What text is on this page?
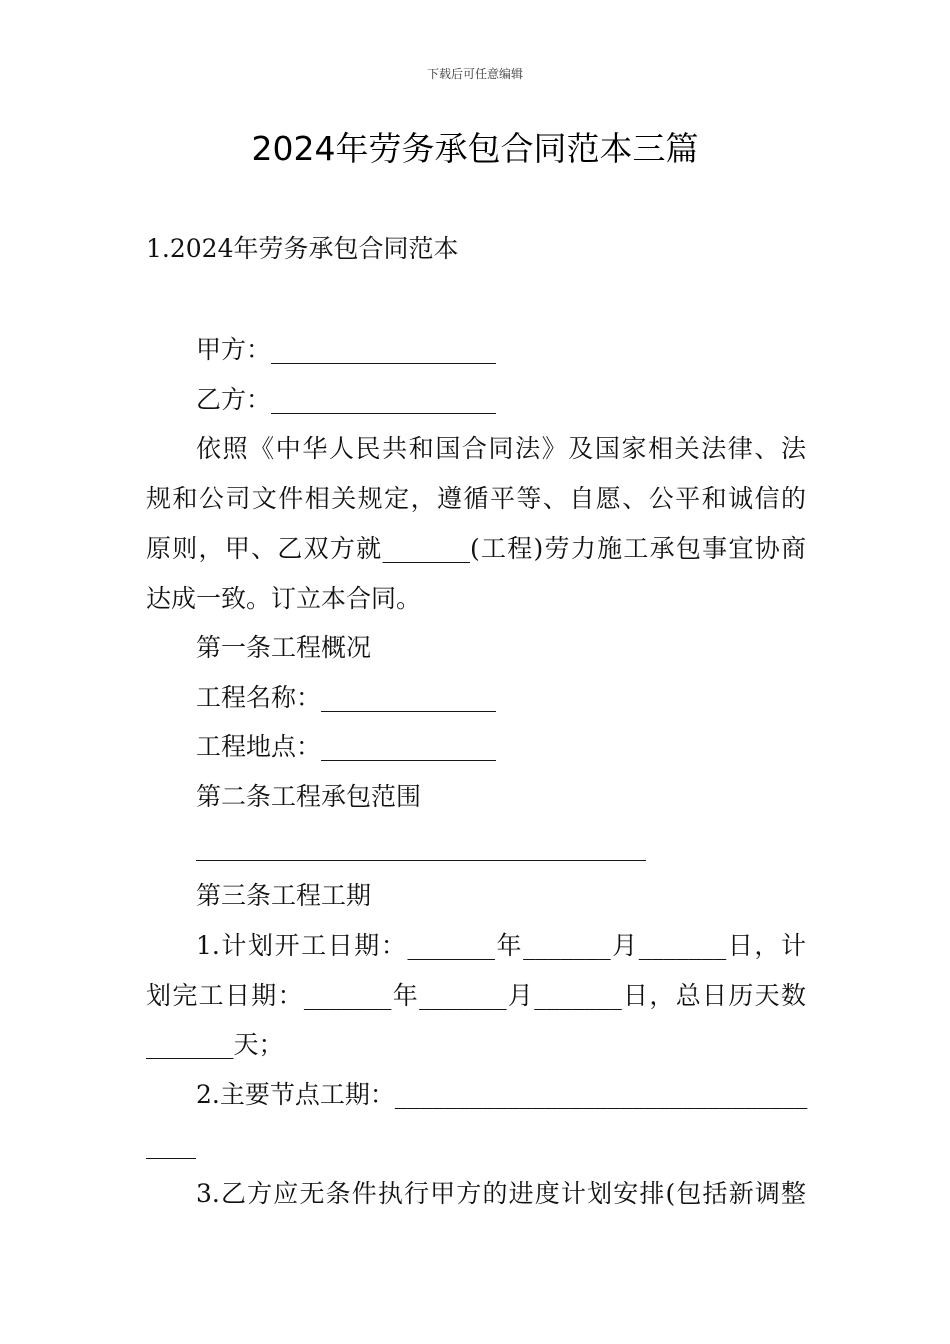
下载后可任意编辑
2024年劳务承包合同范本三篇
1.2024年劳务承包合同范本
甲方：__________________
乙方：__________________
依照《中华人民共和国合同法》及国家相关法律、法
规和公司文件相关规定，遵循平等、自愿、公平和诚信的
原则，甲、乙双方就_______(工程)劳力施工承包事宜协商
达成一致。订立本合同。
第一条工程概况
工程名称：______________
工程地点：______________
第二条工程承包范围
____________________________________
第三条工程工期
1.计划开工日期：_______年_______月_______日，计
划完工日期：_______年_______月_______日，总日历天数
_______天；
2.主要节点工期：_________________________________
____
3.乙方应无条件执行甲方的进度计划安排(包括新调整
